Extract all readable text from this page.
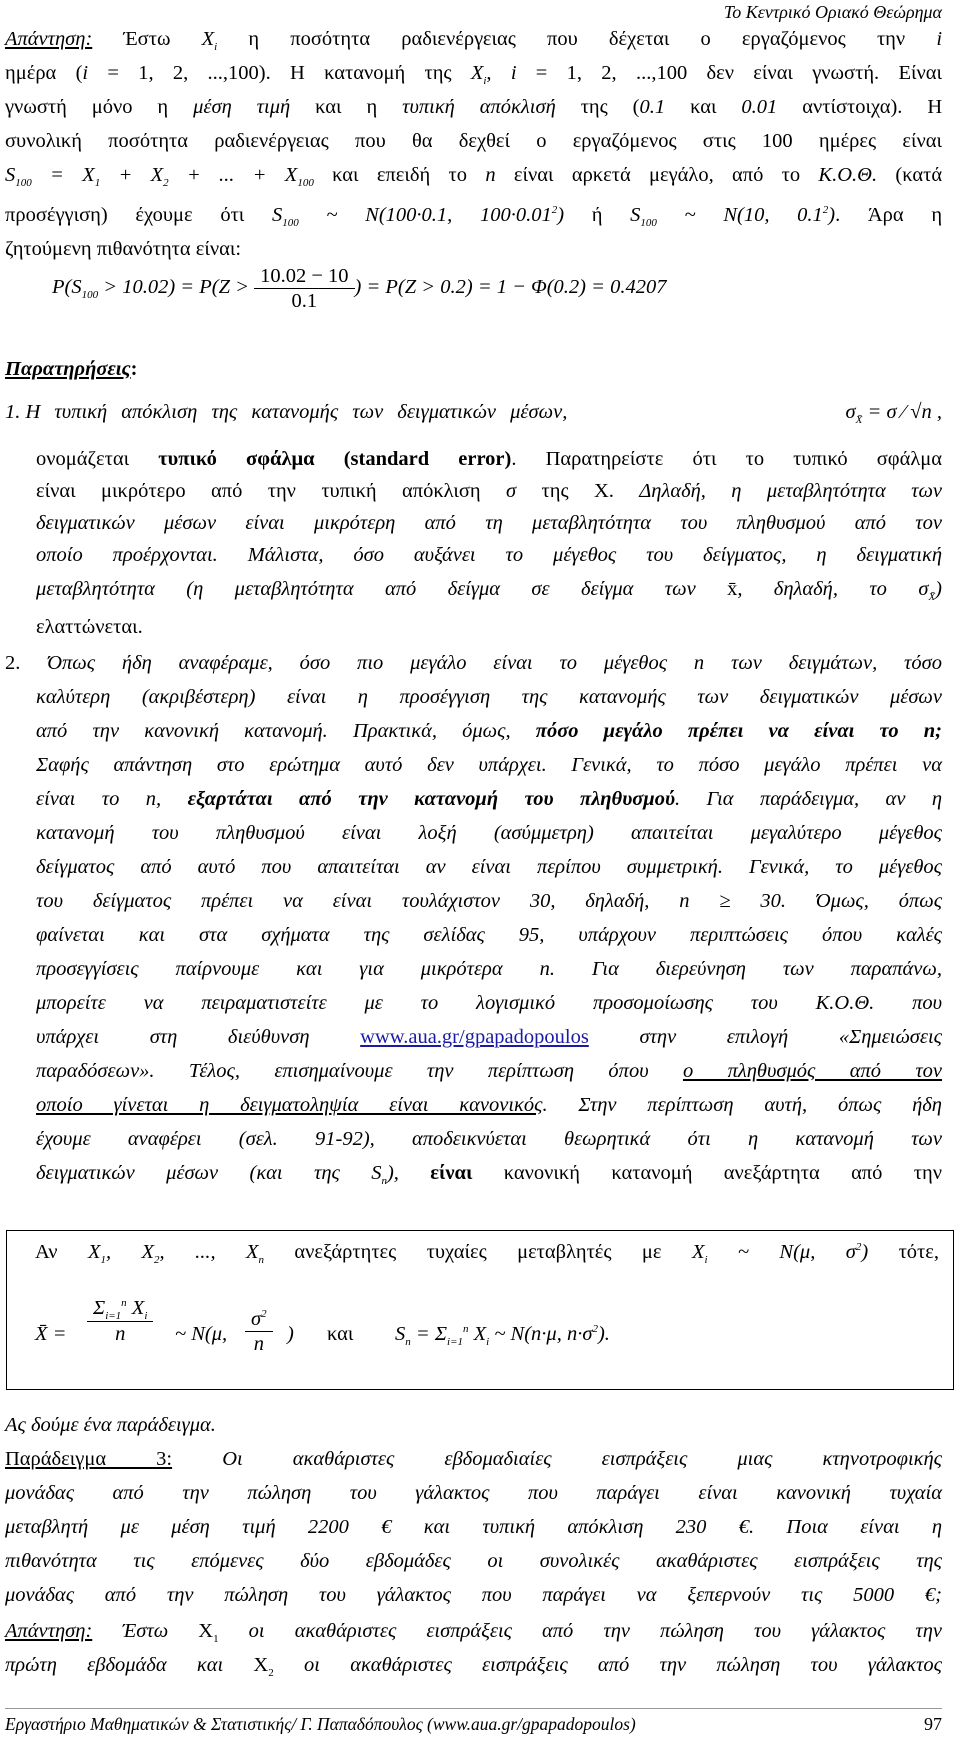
Το Κεντρικό Οριακό Θεώρημα
Απάντηση: Έστω $X_i$ η ποσότητα ραδιενέργειας που δέχεται ο εργαζόμενος την i
ημέρα (i = 1, 2, ...,100). Η κατανομή της $X_i$, i = 1, 2, ...,100 δεν είναι γνωστή. Είναι
γνωστή μόνο η μέση τιμή και η τυπική απόκλισή της (0.1 και 0.01 αντίστοιχα). Η
συνολική ποσότητα ραδιενέργειας που θα δεχθεί ο εργαζόμενος στις 100 ημέρες είναι
$S_{100} = X_1 + X_2$ + ... + $X_{100}$ και επειδή το n είναι αρκετά μεγάλο, από το Κ.Ο.Θ. (κατά
προσέγγιση) έχουμε ότι $S_{100}$ ~ N(100·0.1, $100\cdot 0.01^2$) ή $S_{100}$ ~ N(10, $0.1^2$). Άρα η
ζητούμενη πιθανότητα είναι:
$P(S_{100} > 10.02) = P(Z > \frac{10.02 - 10}{0.1}$ ) = P(Z > 0.2) = 1 − Φ(0.2) = 0.4207
Παρατηρήσεις:
1. Η τυπική απόκλιση της κατανομής των δειγματικών μέσων,	$\sigma_{X̄} = \sigma$ ⁄ √n ,
ονομάζεται τυπικό σφάλμα (standard error). Παρατηρείστε ότι το τυπικό σφάλμα
είναι μικρότερο από την τυπική απόκλιση σ της Χ. Δηλαδή, η μεταβλητότητα των
δειγματικών μέσων είναι μικρότερη από τη μεταβλητότητα του πληθυσμού από τον
οποίο προέρχονται. Μάλιστα, όσο αυξάνει το μέγεθος του δείγματος, η δειγματική
μεταβλητότητα (η μεταβλητότητα από δείγμα σε δείγμα των x̄, δηλαδή, το $\sigma_{X̄}$)
ελαττώνεται.
2. Όπως ήδη αναφέραμε, όσο πιο μεγάλο είναι το μέγεθος n των δειγμάτων, τόσο
καλύτερη (ακριβέστερη) είναι η προσέγγιση της κατανομής των δειγματικών μέσων
από την κανονική κατανομή. Πρακτικά, όμως, πόσο μεγάλο πρέπει να είναι το n;
Σαφής απάντηση στο ερώτημα αυτό δεν υπάρχει. Γενικά, το πόσο μεγάλο πρέπει να
είναι το n, εξαρτάται από την κατανομή του πληθυσμού. Για παράδειγμα, αν η
κατανομή του πληθυσμού είναι λοξή (ασύμμετρη) απαιτείται μεγαλύτερο μέγεθος
δείγματος από αυτό που απαιτείται αν είναι περίπου συμμετρική. Γενικά, το μέγεθος
του δείγματος πρέπει να είναι τουλάχιστον 30, δηλαδή, n ≥ 30. Όμως, όπως
φαίνεται και στα σχήματα της σελίδας 95, υπάρχουν περιπτώσεις όπου καλές
προσεγγίσεις παίρνουμε και για μικρότερα n. Για διερεύνηση των παραπάνω,
μπορείτε να πειραματιστείτε με το λογισμικό προσομοίωσης του Κ.Ο.Θ. που
υπάρχει στη διεύθυνση www.aua.gr/gpapadopoulos στην επιλογή «Σημειώσεις
παραδόσεων». Τέλος, επισημαίνουμε την περίπτωση όπου ο πληθυσμός από τον
οποίο γίνεται η δειγματοληψία είναι κανονικός. Στην περίπτωση αυτή, όπως ήδη
έχουμε αναφέρει (σελ. 91-92), αποδεικνύεται θεωρητικά ότι η κατανομή των
δειγματικών μέσων (και της $S_n$), είναι κανονική κατανομή ανεξάρτητα από την
Αν $X_1$, $X_2$, ..., $X_n$ ανεξάρτητες τυχαίες μεταβλητές με $X_i$ ~ N(μ, $\sigma^2$) τότε,
X̄ = $\frac{\Sigma_{i=1}^n X_i}{n}$ ~ N(μ, $\frac{\sigma^2}{n}$ ) και $S_n = \Sigma_{i=1}^n$ $X_i$ ~ N(n·μ, $n\cdot\sigma^2$).
Ας δούμε ένα παράδειγμα.
Παράδειγμα 3: Οι ακαθάριστες εβδομαδιαίες εισπράξεις μιας κτηνοτροφικής
μονάδας από την πώληση του γάλακτος που παράγει είναι κανονική τυχαία
μεταβλητή με μέση τιμή 2200 € και τυπική απόκλιση 230 €. Ποια είναι η
πιθανότητα τις επόμενες δύο εβδομάδες οι συνολικές ακαθάριστες εισπράξεις της
μονάδας από την πώληση του γάλακτος που παράγει να ξεπερνούν τις 5000 €;
Απάντηση: Έστω $X_1$ οι ακαθάριστες εισπράξεις από την πώληση του γάλακτος την
πρώτη εβδομάδα και $X_2$ οι ακαθάριστες εισπράξεις από την πώληση του γάλακτος
Εργαστήριο Μαθηματικών & Στατιστικής/ Γ. Παπαδόπουλος (www.aua.gr/gpapadopoulos)	97
